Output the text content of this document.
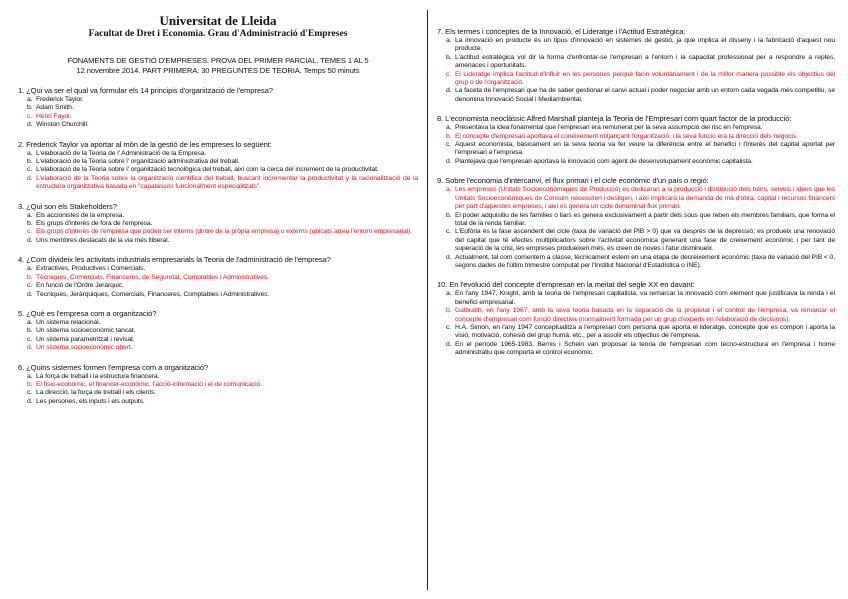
Universitat de Lleida
Facultat de Dret i Economia. Grau d'Administració d'Empreses
FONAMENTS DE GESTIÓ D'EMPRESES. PROVA DEL PRIMER PARCIAL. TEMES 1 AL 5
12 novembre 2014. PART PRIMERA: 30 PREGUNTES DE TEORIA. Temps 50 minuts
1. ¿Qui va ser el qual va formular els 14 principis d'organització de l'empresa?
a. Frederick Taylor.
b. Adam Smith.
c. Henri Fayol.
d. Winston Churchill.
2. Frederick Taylor va aportar al món de la gestió de les empreses lo següent:
a. L'elaboració de la Teoria de l' Administració de la Empresa.
b. L'elaboració de la Teoria sobre l' organització administrativa del treball.
c. L'elaboració de la Teoria sobre l' organització tecnològica del treball, així com la cerca del increment de la productivitat.
d. L'elaboració de la Teoria sobre la organització científica del treball, buscant incrementar la productivitat y la racionalització de la estructura organitzativa basada en "capatassos funcionalment especialitzats".
3. ¿Qui son els Stakeholders?
a. Els accionistes de la empresa.
b. Els grups d'interès de fora de l'empresa.
c. Els grups d'interès de l'empresa que poden ser interns (dintre de la pròpia empresa) o externs (ubicats arreu l'entorn empresarial).
d. Uns membres destacats de la via més lliberal.
4. ¿Com divideix les activitats industrials empresarials la Teoria de l'administració de l'empresa?
a. Extractives, Productives i Comercials.
b. Tècniques, Comercials, Financeres, de Seguretat, Comptables i Administratives.
c. En funció de l'Ordre Jeràrquic.
d. Tècniques, Jeràrquiques, Comercials, Financeres, Comptables i Administratives.
5. ¿Què es l'empresa com a organització?
a. Un sistema relacional.
b. Un sistema socioeconòmic tancat.
c. Un sistema parametritzat i revisat.
d. Un sistema socioeconòmic obert.
6. ¿Quins sistemes formen l'empresa com a organització?
a. La força de treball i la estructura financera.
b. El físic-econòmic, el financer-econòmic, l'acció-informació i el de comunicació.
c. La direcció, la força de treball i els clients.
d. Les persones, els inputs i els outputs.
7. Els termes i conceptes de la Innovació, el Lideratge i l'Actitud Estratègica:
a. La innovació en producte és un tipus d'innovació en sistemes de gestió, ja que implica el disseny i la fabricació d'aquest nou producte.
b. L'actitud estratègica vol dir la forma d'enfrontar-se l'empresari a l'entorn i la capacitat professional per a respondre a reptes, amenaces i oportunitats.
c. El Lideratge implica l'actitud d'influir en les persones perquè facin voluntàriament i de la millor manera possible els objectius del grup o de l'organització.
d. La faceta de l'empresari que ha de saber gestionar el canvi actual i poder negociar amb un entorn cada vegada més competitiu, se denomina Innovació Social i Mediambiental.
8. L'economista neoclàssic Alfred Marshall planteja la Teoria de l'Empresari com quart factor de la producció:
a. Presentava la idea fonamental que l'empresari era remunerat per la seva assumpció del risc en l'empresa.
b. El concepte d'empresari aportava el coneixement mitjançant l'organització, i la seva funció era la direcció dels negocis.
c. Aquest economista, bàsicament en la seva teoria va fer veure la diferència entre el benefici i l'interès del capital aportat per l'empresari a l'empresa.
d. Plantejava que l'empresari aportava la innovació com agent de desenvolupament econòmic capitalista.
9. Sobre l'economia d'intercanvi, el flux primari i el cicle econòmic d'un país o regió:
a. Les empreses (Unitats Socioeconòmiques de Producció) es dedicaran a la producció i distribució dels béns, serveis i idees que les Unitats Socioeconòmiques de Consum necessiten i desitgen, i així implicarà la demanda de mà d'obra, capital i recursos financers per part d'aquestes empreses, i així es genera un cicle denominat flux primari.
b. El poder adquisitiu de les famílies o llars es genera exclusivament a partir dels sous que reben els membres familiars, que forma el total de la renda familiar.
c. L'Eufòria és la fase ascendent del cicle (taxa de variació del PIB > 0) que va després de la depressió; es produeix una renovació del capital que té efectes multiplicadors sobre l'activitat econòmica generant una fase de creixement econòmic i per tant de superació de la crisi, les empreses produeixen més, es creen de noves i l'atur disminueix.
d. Actualment, tal com comentem a classe, tècnicament estem en una etapa de decreixement econòmic (taxa de variació del PIB < 0, segons dades de l'últim trimestre computat per l'Institut Nacional d'Estadística o INE).
10. En l'evolució del concepte d'empresari en la meitat del segle XX en davant:
a. En l'any 1947, Knight, amb la teoria de l'empresari capitalista, va remarcar la innovació com element que justificava la renda i el benefici empresarial.
b. Galbraith, en l'any 1967, amb la seva teoria basada en la separació de la propietat i el control de l'empresa, va remarcar el concepte d'empresari com funció directiva (normalment formada per un grup d'experts en l'elaboració de decisions).
c. H.A. Simon, en l'any 1947 conceptualitza a l'empresari com persona que aporta el lideratge, concepte que es compon i aporta la visió, motivació, cohesió del grup humà, etc., per a assolir els objectius de l'empresa.
d. En el període 1965-1983, Bernis i Schein van proposar la teoria de l'empresari com tecno-estructura en l'empresa i home administratiu que comporta el control econòmic.
